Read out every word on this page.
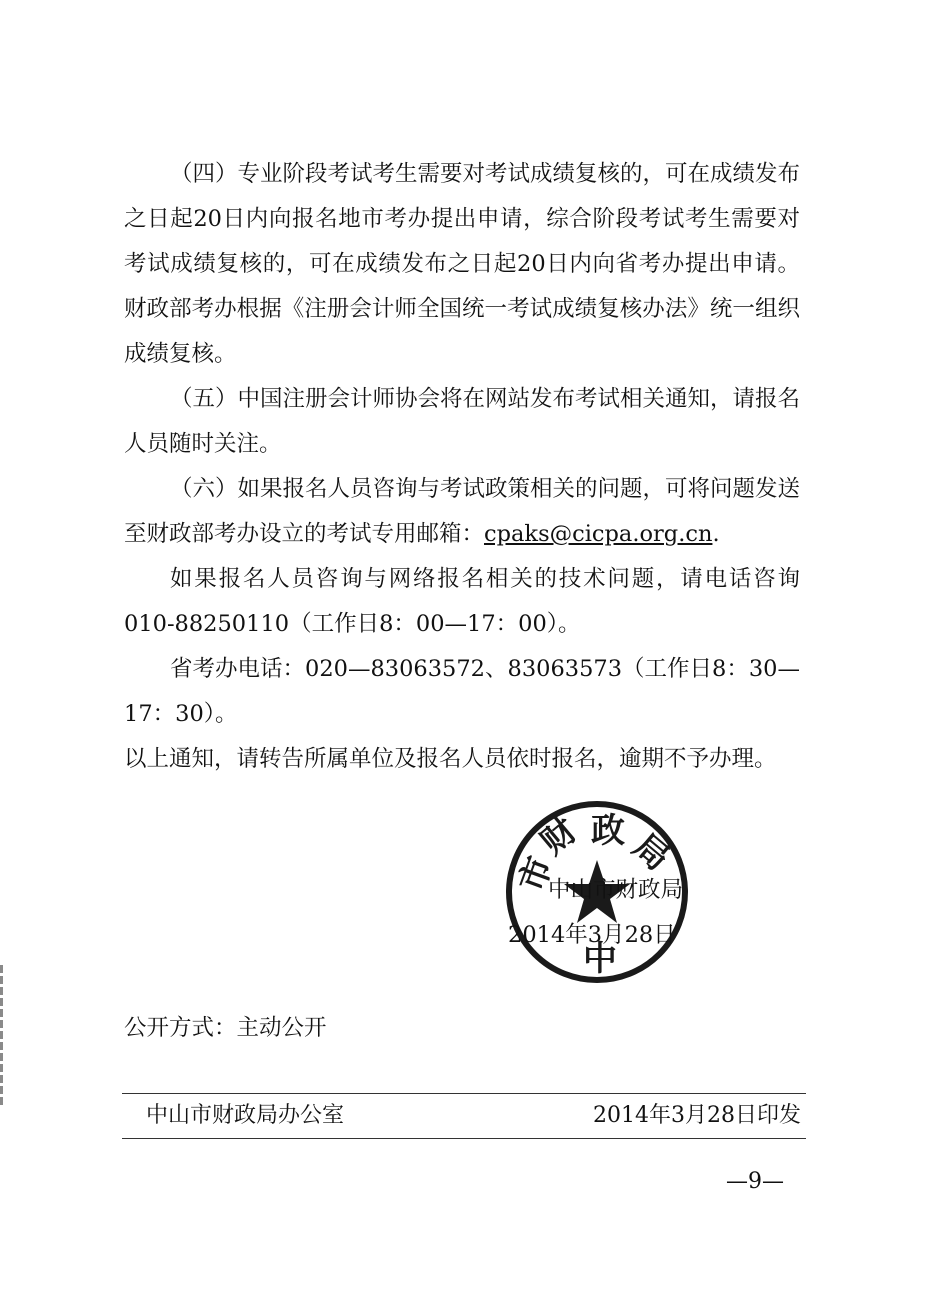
（四）专业阶段考试考生需要对考试成绩复核的，可在成绩发布之日起20日内向报名地市考办提出申请，综合阶段考试考生需要对考试成绩复核的，可在成绩发布之日起20日内向省考办提出申请。财政部考办根据《注册会计师全国统一考试成绩复核办法》统一组织成绩复核。

（五）中国注册会计师协会将在网站发布考试相关通知，请报名人员随时关注。

（六）如果报名人员咨询与考试政策相关的问题，可将问题发送至财政部考办设立的考试专用邮箱：cpaks@cicpa.org.cn.

如果报名人员咨询与网络报名相关的技术问题，请电话咨询010-88250110（工作日8：00—17：00）。

省考办电话：020—83063572、83063573（工作日8：30—17：30）。

以上通知，请转告所属单位及报名人员依时报名，逾期不予办理。

市
财 政 局
中
中山市财政局
2014年3月28日
公开方式：主动公开
中山市财政局办公室	2014年3月28日印发
—9—
